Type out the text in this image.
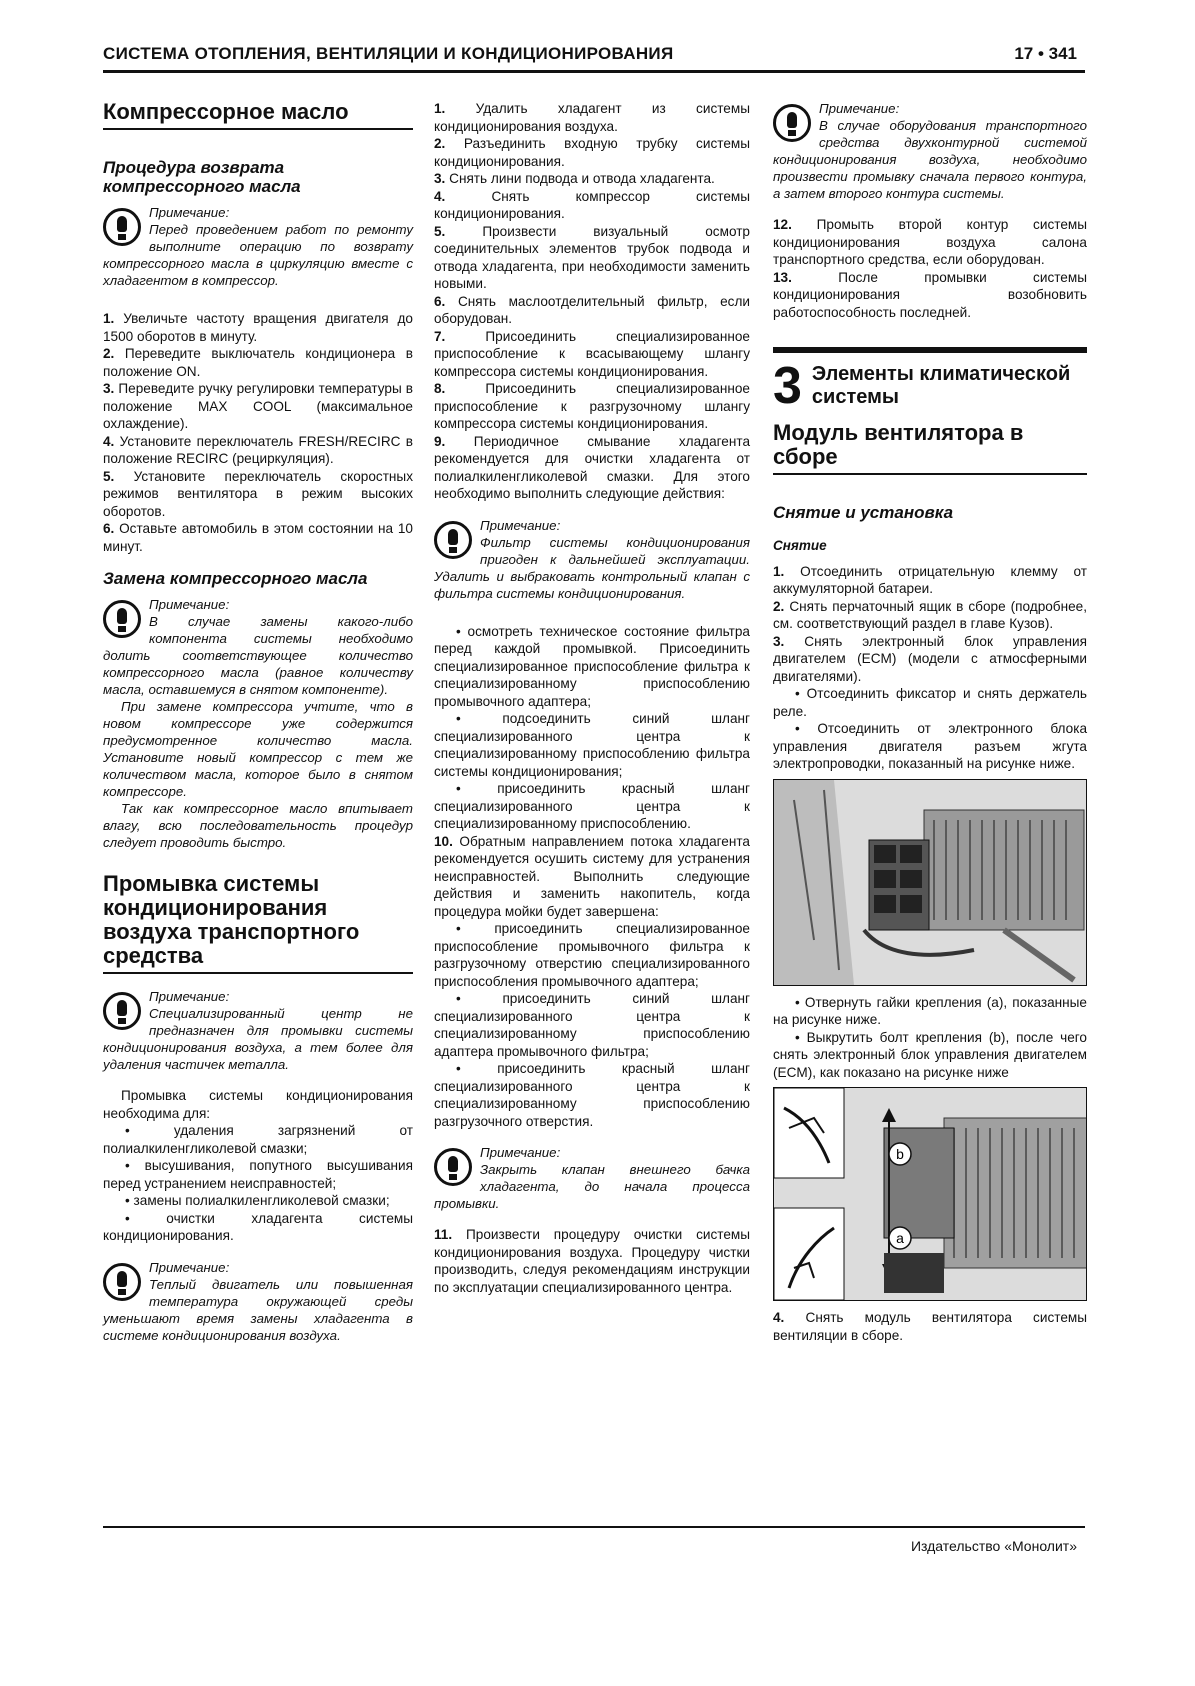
СИСТЕМА ОТОПЛЕНИЯ, ВЕНТИЛЯЦИИ И КОНДИЦИОНИРОВАНИЯ	17 • 341
Компрессорное масло
Процедура возврата компрессорного масла
Примечание:

Перед проведением работ по ремонту выполните операцию по возврату компрессорного масла в циркуляцию вместе с хладагентом в компрессор.

1. Увеличьте частоту вращения двигателя до 1500 оборотов в минуту.

2. Переведите выключатель кондиционера в положение ON.

3. Переведите ручку регулировки температуры в положение MAX COOL (максимальное охлаждение).

4. Установите переключатель FRESH/RECIRC в положение RECIRC (рециркуляция).

5. Установите переключатель скоростных режимов вентилятора в режим высоких оборотов.

6. Оставьте автомобиль в этом состоянии на 10 минут.

Замена компрессорного масла
Примечание:

В случае замены какого-либо компонента системы необходимо долить соответствующее количество компрессорного масла (равное количеству масла, оставшемуся в снятом компоненте).

При замене компрессора учтите, что в новом компрессоре уже содержится предусмотренное количество масла. Установите новый компрессор с тем же количеством масла, которое было в снятом компрессоре.

Так как компрессорное масло впитывает влагу, всю последовательность процедур следует проводить быстро.

Промывка системы кондиционирования воздуха транспортного средства
Примечание:

Специализированный центр не предназначен для промывки системы кондиционирования воздуха, а тем более для удаления частичек металла.

Промывка системы кондиционирования необходима для:

• удаления загрязнений от полиалкиленгликолевой смазки;

• высушивания, попутного высушивания перед устранением неисправностей;

• замены полиалкиленгликолевой смазки;

• очистки хладагента системы кондиционирования.

Примечание:

Теплый двигатель или повышенная температура окружающей среды уменьшают время замены хладагента в системе кондиционирования воздуха.

1. Удалить хладагент из системы кондиционирования воздуха.

2. Разъединить входную трубку системы кондиционирования.

3. Снять лини подвода и отвода хладагента.

4.	Снять компрессор системы кондиционирования.

5.	Произвести визуальный осмотр соединительных элементов трубок подвода и отвода хладагента, при необходимости заменить новыми.

6. Снять маслоотделительный фильтр, если оборудован.

7.	Присоединить специализированное приспособление к всасывающему шлангу компрессора системы кондиционирования.

8.	Присоединить специализированное приспособление к разгрузочному шлангу компрессора системы кондиционирования.

9. Периодичное смывание хладагента рекомендуется для очистки хладагента от полиалкиленгликолевой смазки. Для этого необходимо выполнить следующие действия:

Примечание:

Фильтр системы кондиционирования пригоден к дальнейшей эксплуатации. Удалить и выбраковать контрольный клапан с фильтра системы кондиционирования.

• осмотреть техническое состояние фильтра перед каждой промывкой. Присоединить специализированное приспособление фильтра к специализированному приспособлению промывочного адаптера;

• подсоединить синий шланг специализированного центра к специализированному приспособлению фильтра системы кондиционирования;

• присоединить красный шланг специализированного центра к специализированному приспособлению.

10. Обратным направлением потока хладагента рекомендуется осушить систему для устранения неисправностей. Выполнить следующие действия и заменить накопитель, когда процедура мойки будет завершена:

• присоединить специализированное приспособление промывочного фильтра к разгрузочному отверстию специализированного приспособления промывочного адаптера;

• присоединить синий шланг специализированного центра к специализированному приспособлению адаптера промывочного фильтра;

• присоединить красный шланг специализированного центра к специализированному приспособлению разгрузочного отверстия.

Примечание:

Закрыть клапан внешнего бачка хладагента, до начала процесса промывки.

11. Произвести процедуру очистки системы кондиционирования воздуха. Процедуру чистки производить, следуя рекомендациям инструкции по эксплуатации специализированного центра.

Примечание:

В случае оборудования транспортного средства двухконтурной системой кондиционирования воздуха, необходимо произвести промывку сначала первого контура, а затем второго контура системы.

12. Промыть второй контур системы кондиционирования воздуха салона транспортного средства, если оборудован.

13.	После промывки системы кондиционирования возобновить работоспособность последней.

3 Элементы климатической системы
Модуль вентилятора в сборе
Снятие и установка
Снятие

1. Отсоединить отрицательную клемму от аккумуляторной батареи.

2. Снять перчаточный ящик в сборе (подробнее, см. соответствующий раздел в главе Кузов).

3. Снять электронный блок управления двигателем (ECM) (модели с атмосферными двигателями).

• Отсоединить фиксатор и снять держатель реле.

• Отсоединить от электронного блока управления двигателя разъем жгута электропроводки, показанный на рисунке ниже.

• Отвернуть гайки крепления (a), показанные на рисунке ниже.

• Выкрутить болт крепления (b), после чего снять электронный блок управления двигателем (ECM), как показано на рисунке ниже

b
a

4. Снять модуль вентилятора системы вентиляции в сборе.

Издательство «Монолит»
